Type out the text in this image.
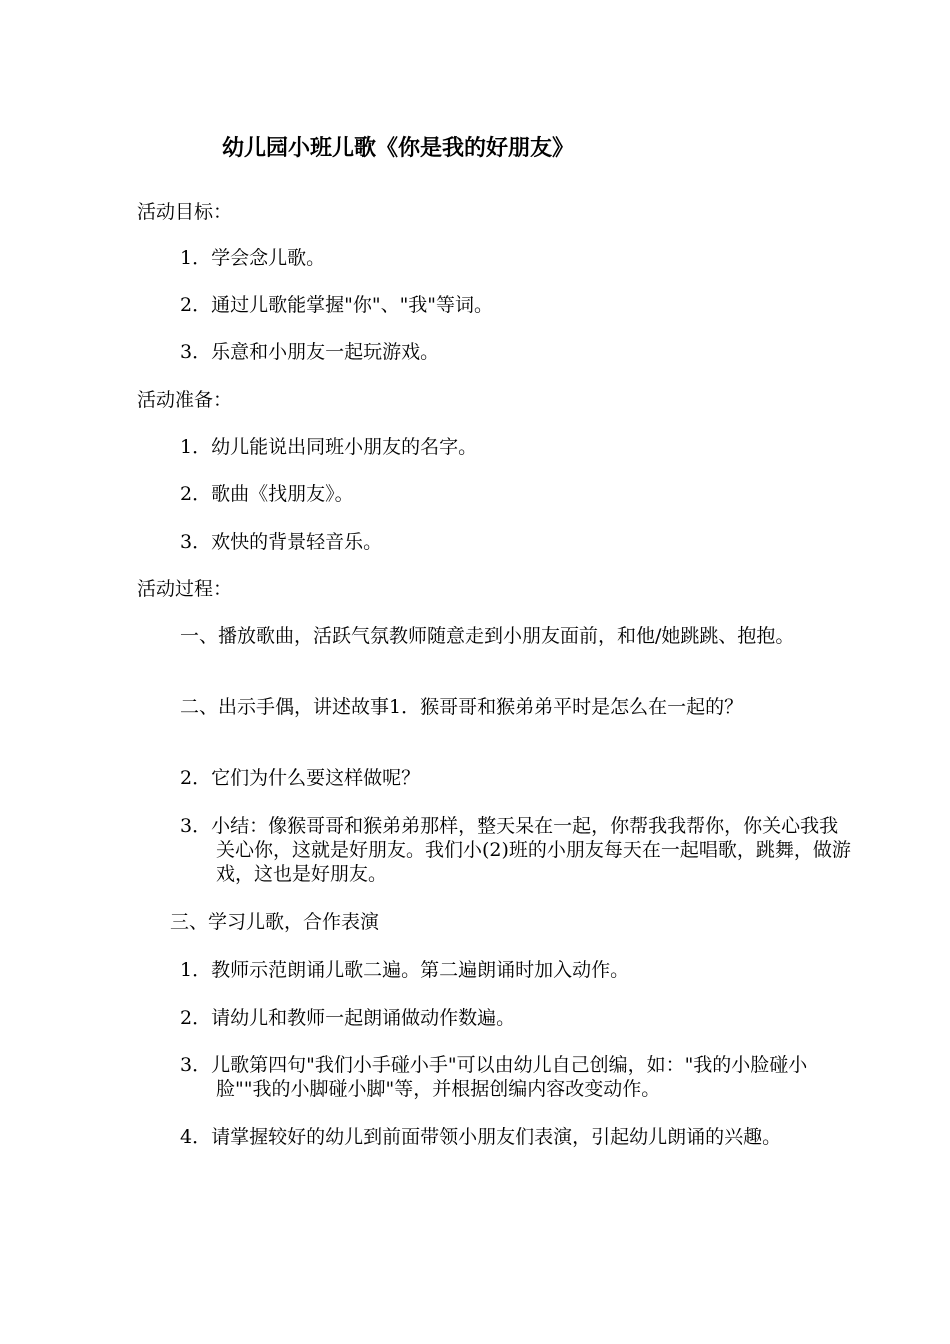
幼儿园小班儿歌《你是我的好朋友》
活动目标：
1．学会念儿歌。
2．通过儿歌能掌握"你"、"我"等词。
3．乐意和小朋友一起玩游戏。
活动准备：
1．幼儿能说出同班小朋友的名字。
2．歌曲《找朋友》。
3．欢快的背景轻音乐。
活动过程：
一、播放歌曲，活跃气氛教师随意走到小朋友面前，和他/她跳跳、抱抱。
二、出示手偶，讲述故事1．猴哥哥和猴弟弟平时是怎么在一起的？
2．它们为什么要这样做呢？
3．小结：像猴哥哥和猴弟弟那样，整天呆在一起，你帮我我帮你，你关心我我关心你，这就是好朋友。我们小(2)班的小朋友每天在一起唱歌，跳舞，做游戏，这也是好朋友。
三、学习儿歌，合作表演
1．教师示范朗诵儿歌二遍。第二遍朗诵时加入动作。
2．请幼儿和教师一起朗诵做动作数遍。
3．儿歌第四句"我们小手碰小手"可以由幼儿自己创编，如："我的小脸碰小脸""我的小脚碰小脚"等，并根据创编内容改变动作。
4．请掌握较好的幼儿到前面带领小朋友们表演，引起幼儿朗诵的兴趣。
